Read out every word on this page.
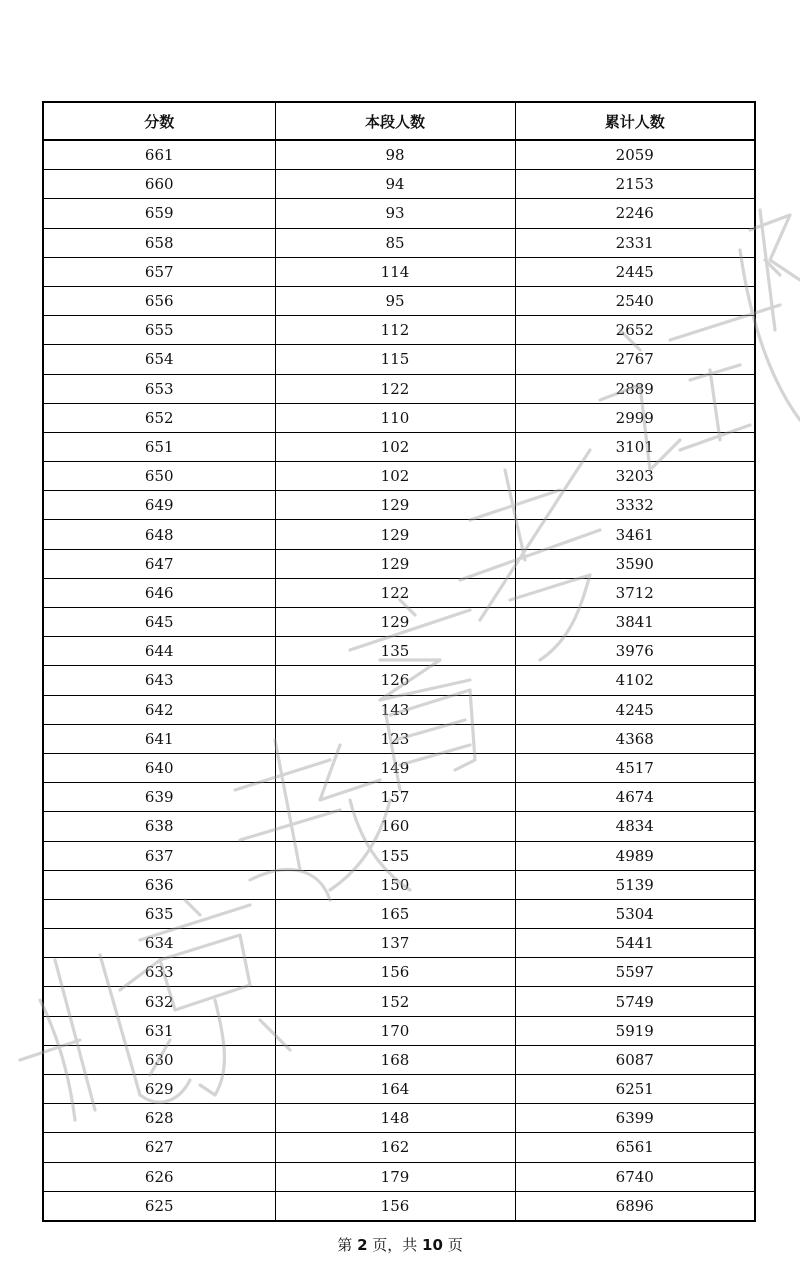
分数	本段人数	累计人数
661	98	2059
660	94	2153
659	93	2246
658	85	2331
657	114	2445
656	95	2540
655	112	2652
654	115	2767
653	122	2889
652	110	2999
651	102	3101
650	102	3203
649	129	3332
648	129	3461
647	129	3590
646	122	3712
645	129	3841
644	135	3976
643	126	4102
642	143	4245
641	123	4368
640	149	4517
639	157	4674
638	160	4834
637	155	4989
636	150	5139
635	165	5304
634	137	5441
633	156	5597
632	152	5749
631	170	5919
630	168	6087
629	164	6251
628	148	6399
627	162	6561
626	179	6740
625	156	6896
第 2 页，共 10 页
